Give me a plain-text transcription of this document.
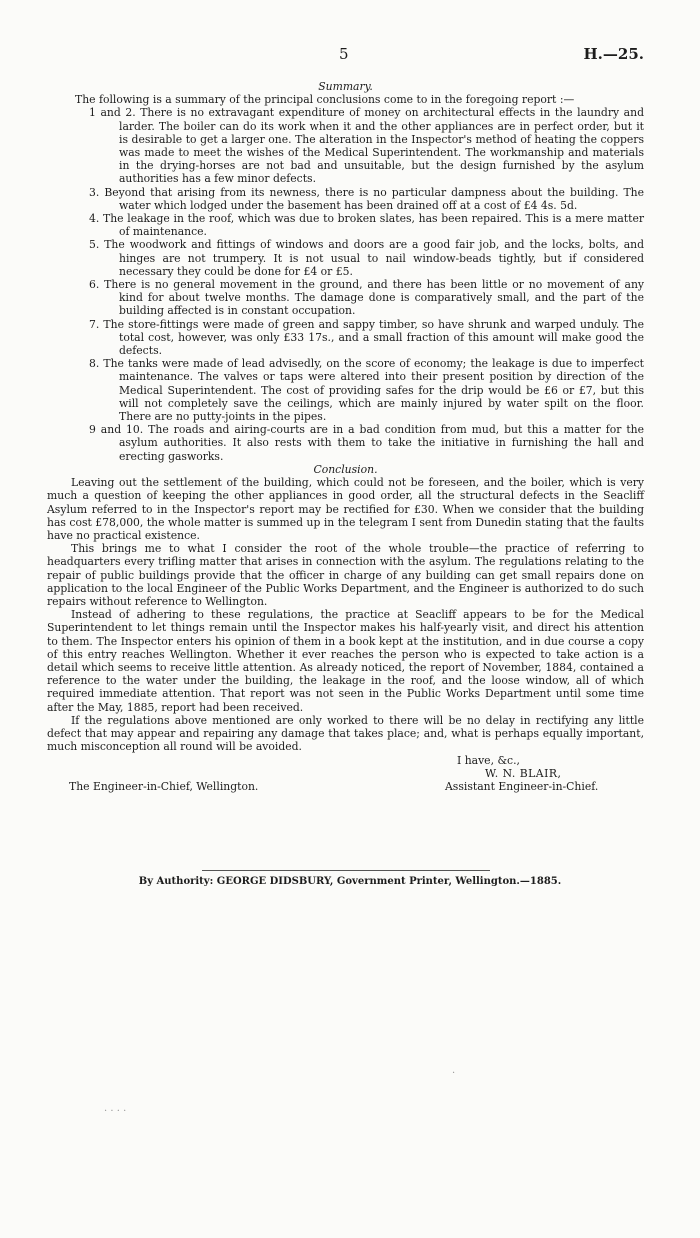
5	H.—25.

Summary.

The following is a summary of the principal conclusions come to in the foregoing report :—

1 and 2. There is no extravagant expenditure of money on architectural effects in the laundry and larder. The boiler can do its work when it and the other appliances are in perfect order, but it is desirable to get a larger one. The alteration in the Inspector's method of heating the coppers was made to meet the wishes of the Medical Superintendent. The workmanship and materials in the drying-horses are not bad and unsuitable, but the design furnished by the asylum authorities has a few minor defects.

3. Beyond that arising from its newness, there is no particular dampness about the building. The water which lodged under the basement has been drained off at a cost of £4 4s. 5d.

4. The leakage in the roof, which was due to broken slates, has been repaired. This is a mere matter of maintenance.

5. The woodwork and fittings of windows and doors are a good fair job, and the locks, bolts, and hinges are not trumpery. It is not usual to nail window-beads tightly, but if considered necessary they could be done for £4 or £5.

6. There is no general movement in the ground, and there has been little or no movement of any kind for about twelve months. The damage done is comparatively small, and the part of the building affected is in constant occupation.

7. The store-fittings were made of green and sappy timber, so have shrunk and warped unduly. The total cost, however, was only £33 17s., and a small fraction of this amount will make good the defects.

8. The tanks were made of lead advisedly, on the score of economy; the leakage is due to imperfect maintenance. The valves or taps were altered into their present position by direction of the Medical Superintendent. The cost of providing safes for the drip would be £6 or £7, but this will not completely save the ceilings, which are mainly injured by water spilt on the floor. There are no putty-joints in the pipes.

9 and 10. The roads and airing-courts are in a bad condition from mud, but this a matter for the asylum authorities. It also rests with them to take the initiative in furnishing the hall and erecting gasworks.

Conclusion.

Leaving out the settlement of the building, which could not be foreseen, and the boiler, which is very much a question of keeping the other appliances in good order, all the structural defects in the Seacliff Asylum referred to in the Inspector's report may be rectified for £30. When we consider that the building has cost £78,000, the whole matter is summed up in the telegram I sent from Dunedin stating that the faults have no practical existence.

This brings me to what I consider the root of the whole trouble—the practice of referring to headquarters every trifling matter that arises in connection with the asylum. The regulations relating to the repair of public buildings provide that the officer in charge of any building can get small repairs done on application to the local Engineer of the Public Works Department, and the Engineer is authorized to do such repairs without reference to Wellington.

Instead of adhering to these regulations, the practice at Seacliff appears to be for the Medical Superintendent to let things remain until the Inspector makes his half-yearly visit, and direct his attention to them. The Inspector enters his opinion of them in a book kept at the institution, and in due course a copy of this entry reaches Wellington. Whether it ever reaches the person who is expected to take action is a detail which seems to receive little attention. As already noticed, the report of November, 1884, contained a reference to the water under the building, the leakage in the roof, and the loose window, all of which required immediate attention. That report was not seen in the Public Works Department until some time after the May, 1885, report had been received.

If the regulations above mentioned are only worked to there will be no delay in rectifying any little defect that may appear and repairing any damage that takes place; and, what is perhaps equally important, much misconception all round will be avoided.

I have, &c.,
W. N. BLAIR,
The Engineer-in-Chief, Wellington.	Assistant Engineer-in-Chief.
By Authority: GEORGE DIDSBURY, Government Printer, Wellington.—1885.
·
· · · ·
